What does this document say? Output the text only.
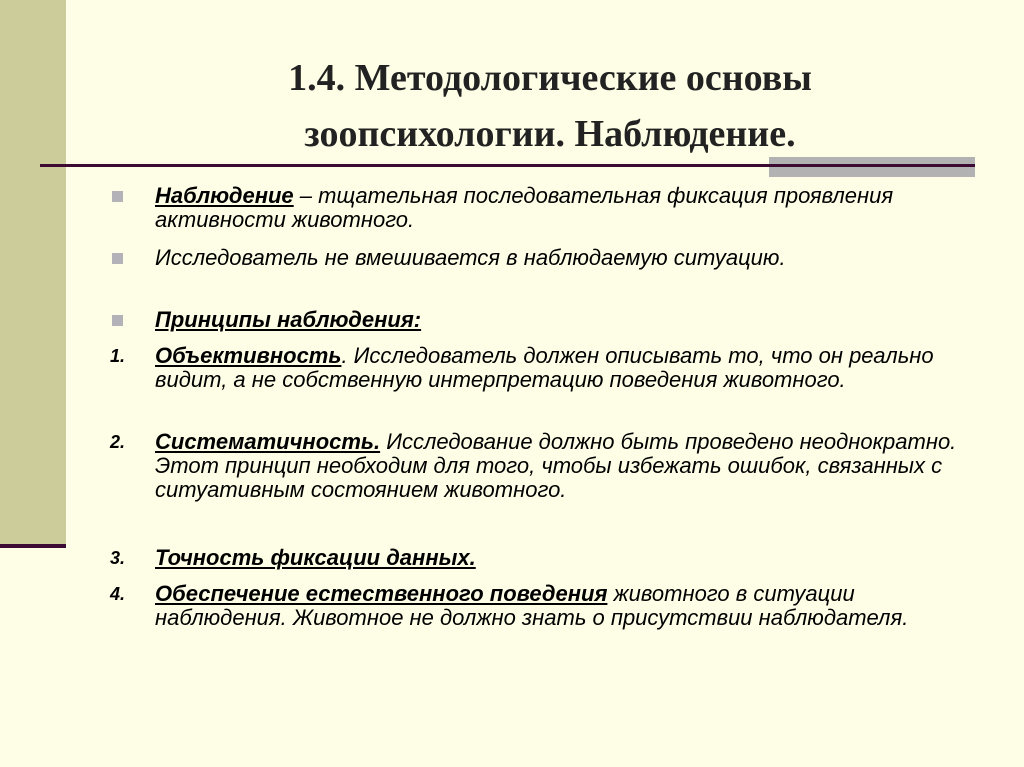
1.4. Методологические основы
зоопсихологии. Наблюдение.
Наблюдение – тщательная последовательная фиксация проявления активности животного.
Исследователь не вмешивается в наблюдаемую ситуацию.
Принципы наблюдения:
1. Объективность. Исследователь должен описывать то, что он реально видит, а не собственную интерпретацию поведения животного.
2. Систематичность. Исследование должно быть проведено неоднократно. Этот принцип необходим для того, чтобы избежать ошибок, связанных с ситуативным состоянием животного.
3. Точность фиксации данных.
4. Обеспечение естественного поведения животного в ситуации наблюдения. Животное не должно знать о присутствии наблюдателя.
